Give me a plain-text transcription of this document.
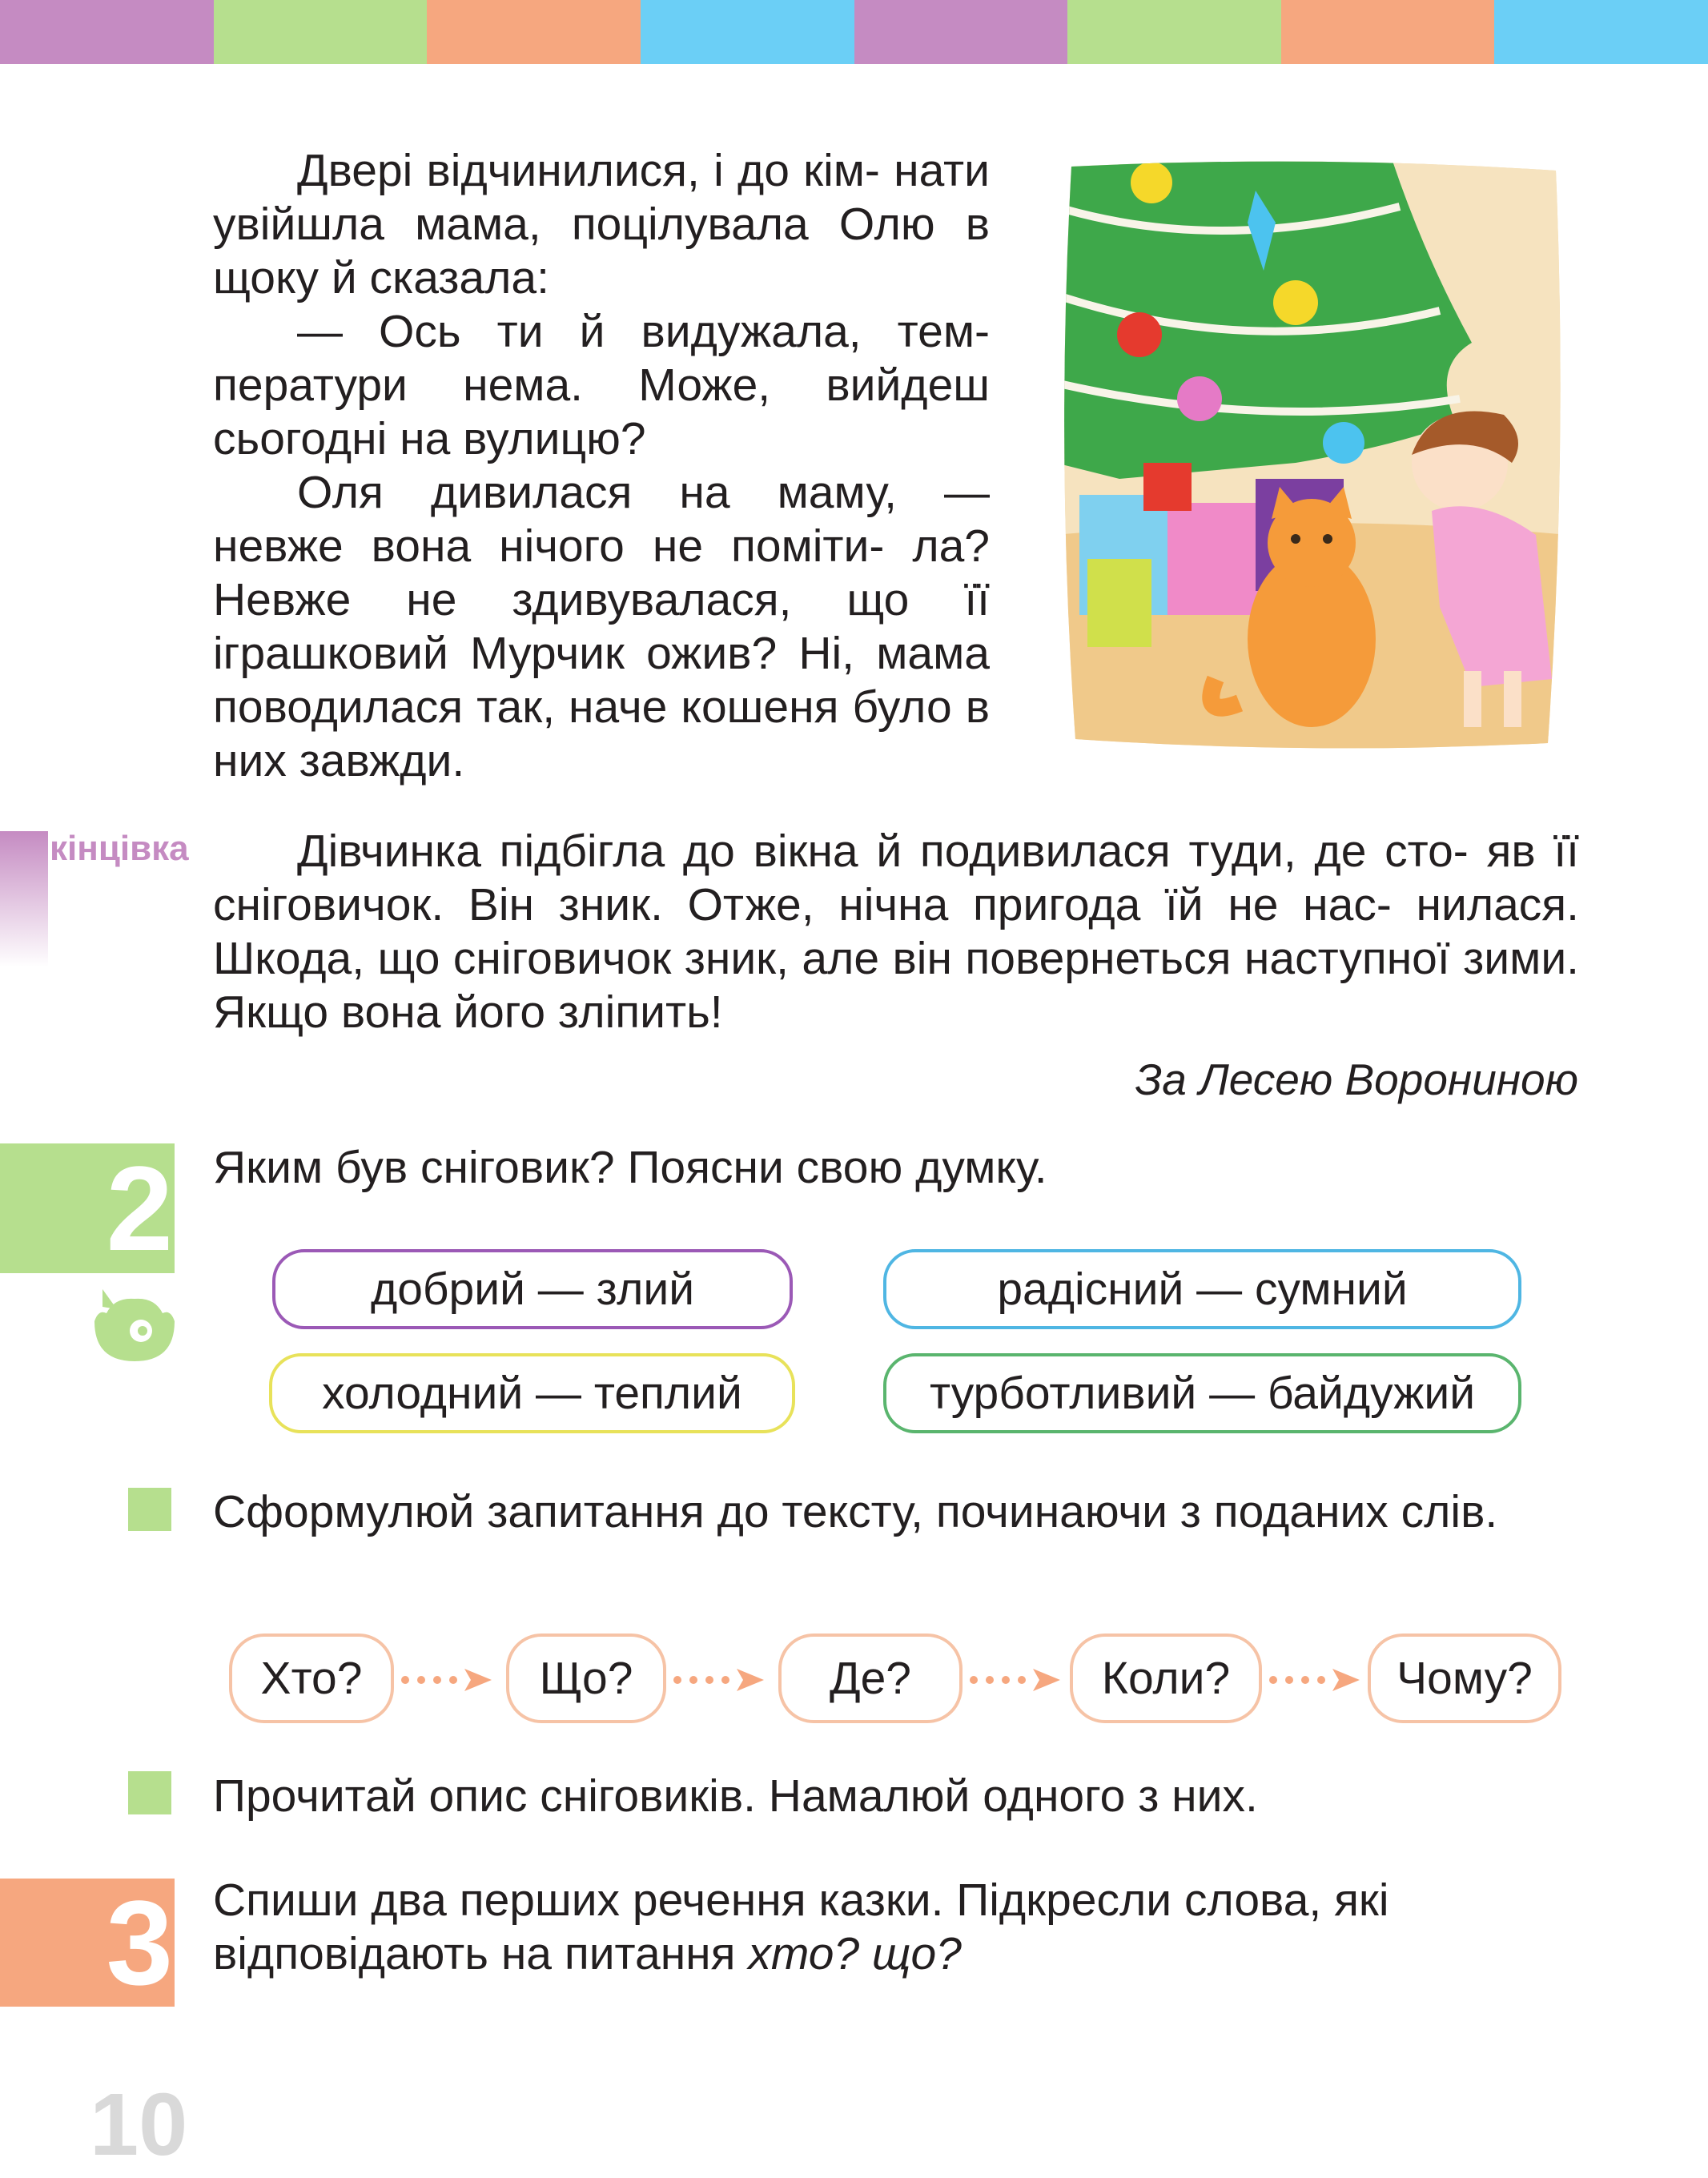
Двері відчинилися, і до кім- нати увійшла мама, поцілувала Олю в щоку й сказала:

— Ось ти й видужала, тем- ператури нема. Може, вийдеш сьогодні на вулицю?

Оля дивилася на маму, — невже вона нічого не поміти- ла? Невже не здивувалася, що її іграшковий Мурчик ожив? Ні, мама поводилася так, наче кошеня було в них завжди.

кінцівка	Дівчинка підбігла до вікна й подивилася туди, де сто- яв її сніговичок. Він зник. Отже, нічна пригода їй не нас- нилася. Шкода, що сніговичок зник, але він повернеться наступної зими. Якщо вона його зліпить!

За Лесею Ворониною
2 Яким був сніговик? Поясни свою думку.
добрий — злий	радісний — сумний
холодний — теплий	турботливий — байдужий
Сформулюй запитання до тексту, починаючи з поданих слів.
Хто?	Що?	Де?	Коли?	Чому?
Прочитай опис сніговиків. Намалюй одного з них.
3 Спиши два перших речення казки. Підкресли слова, які відповідають на питання хто? що?
10
